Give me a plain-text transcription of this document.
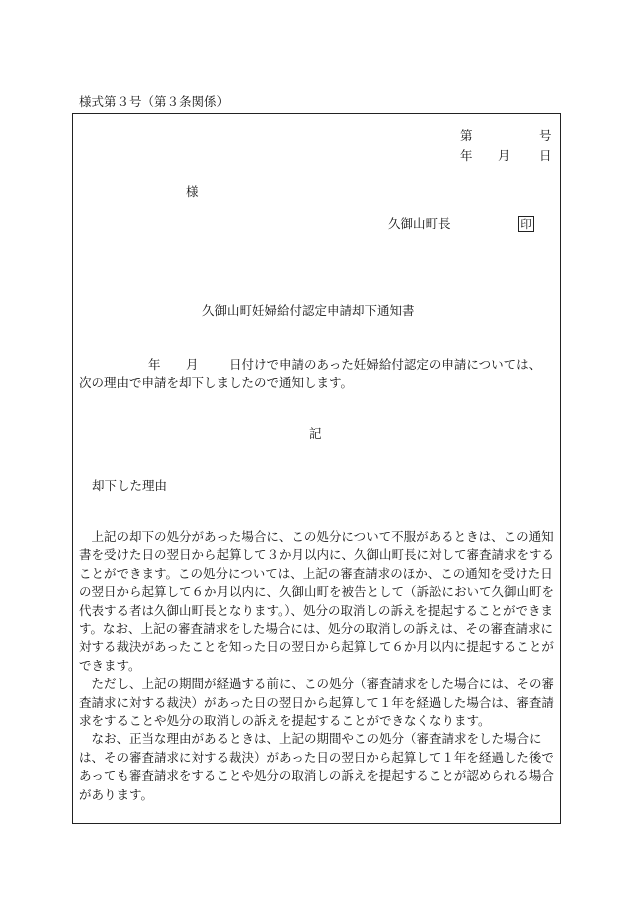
様式第３号（第３条関係）
第	号
年 月 日
様
久御山町長	印
久御山町妊婦給付認定申請却下通知書
年 月 日付けで申請のあった妊婦給付認定の申請については、
次の理由で申請を却下しましたので通知します。
記
却下した理由

上記の却下の処分があった場合に、この処分について不服があるときは、この通知書を受けた日の翌日から起算して３か月以内に、久御山町長に対して審査請求をすることができます。この処分については、上記の審査請求のほか、この通知を受けた日の翌日から起算して６か月以内に、久御山町を被告として（訴訟において久御山町を代表する者は久御山町長となります。）、処分の取消しの訴えを提起することができます。なお、上記の審査請求をした場合には、処分の取消しの訴えは、その審査請求に対する裁決があったことを知った日の翌日から起算して６か月以内に提起することができます。

ただし、上記の期間が経過する前に、この処分（審査請求をした場合には、その審査請求に対する裁決）があった日の翌日から起算して１年を経過した場合は、審査請求をすることや処分の取消しの訴えを提起することができなくなります。

なお、正当な理由があるときは、上記の期間やこの処分（審査請求をした場合には、その審査請求に対する裁決）があった日の翌日から起算して１年を経過した後であっても審査請求をすることや処分の取消しの訴えを提起することが認められる場合があります。
